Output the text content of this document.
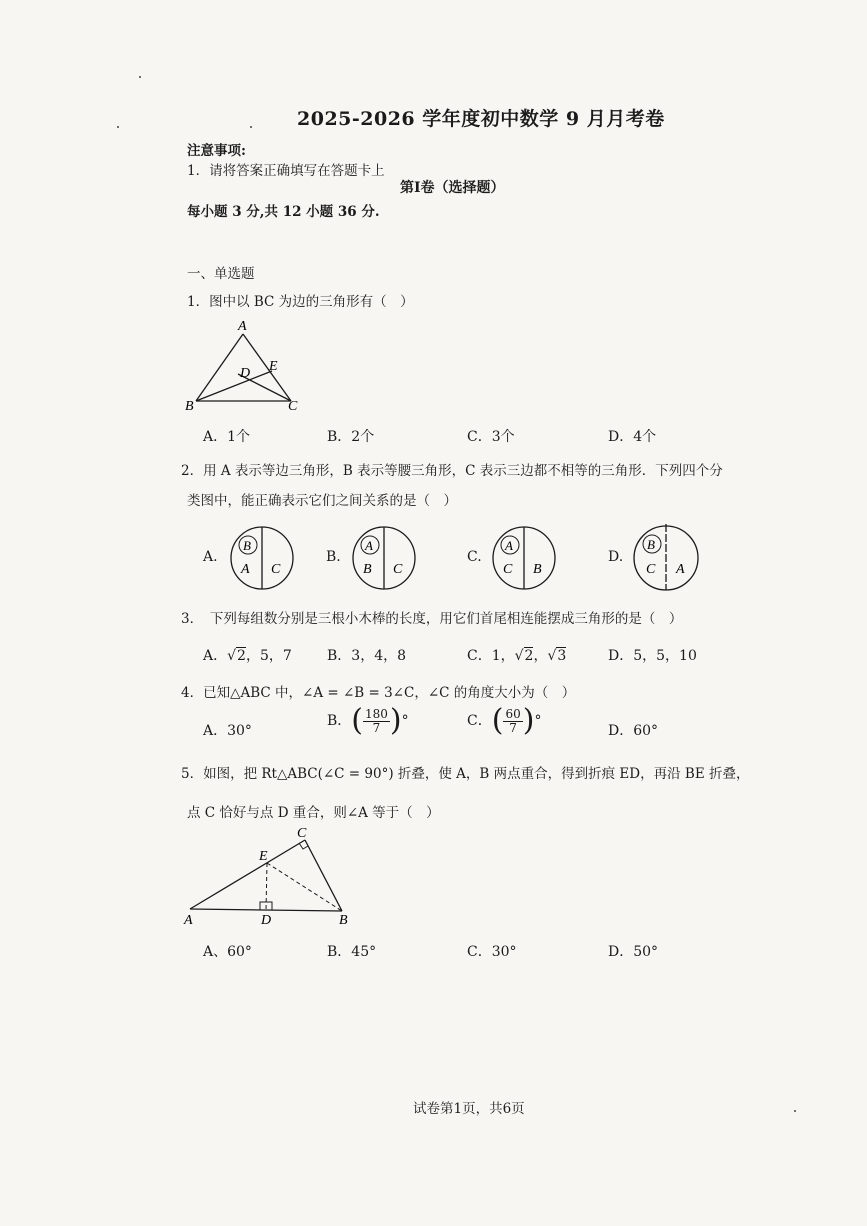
2025-2026 学年度初中数学 9 月月考卷
注意事项:
1．请将答案正确填写在答题卡上
第Ⅰ卷（选择题）
每小题 3 分,共 12 小题 36 分.
一、单选题
1．图中以 BC 为边的三角形有（　）
A
B	C
D E
A．1个	B．2个	C．3个	D．4个
2．用 A 表示等边三角形，B 表示等腰三角形，C 表示三边都不相等的三角形．下列四个分
类图中，能正确表示它们之间关系的是（　）
A.
B
A C
B.
A
B C
C.
A
C B
D.
B
C A
3．　下列每组数分别是三根小木棒的长度，用它们首尾相连能摆成三角形的是（　）
A．√2，5，7	B．3，4，8	C．1，√2，√3	D．5，5，10
4．已知△ABC 中，∠A = ∠B = 3∠C，∠C 的角度大小为（　）
A．30°
B．( $\frac{180}{7}$ )°	C．( $\frac{60}{7}$ )°
D．60°
5．如图，把 Rt△ABC(∠C = 90°) 折叠，使 A，B 两点重合，得到折痕 ED，再沿 BE 折叠，
点 C 恰好与点 D 重合，则∠A 等于（　）
C
E
A	D	B
A、60°	B．45°	C．30°	D．50°
试卷第1页，共6页
